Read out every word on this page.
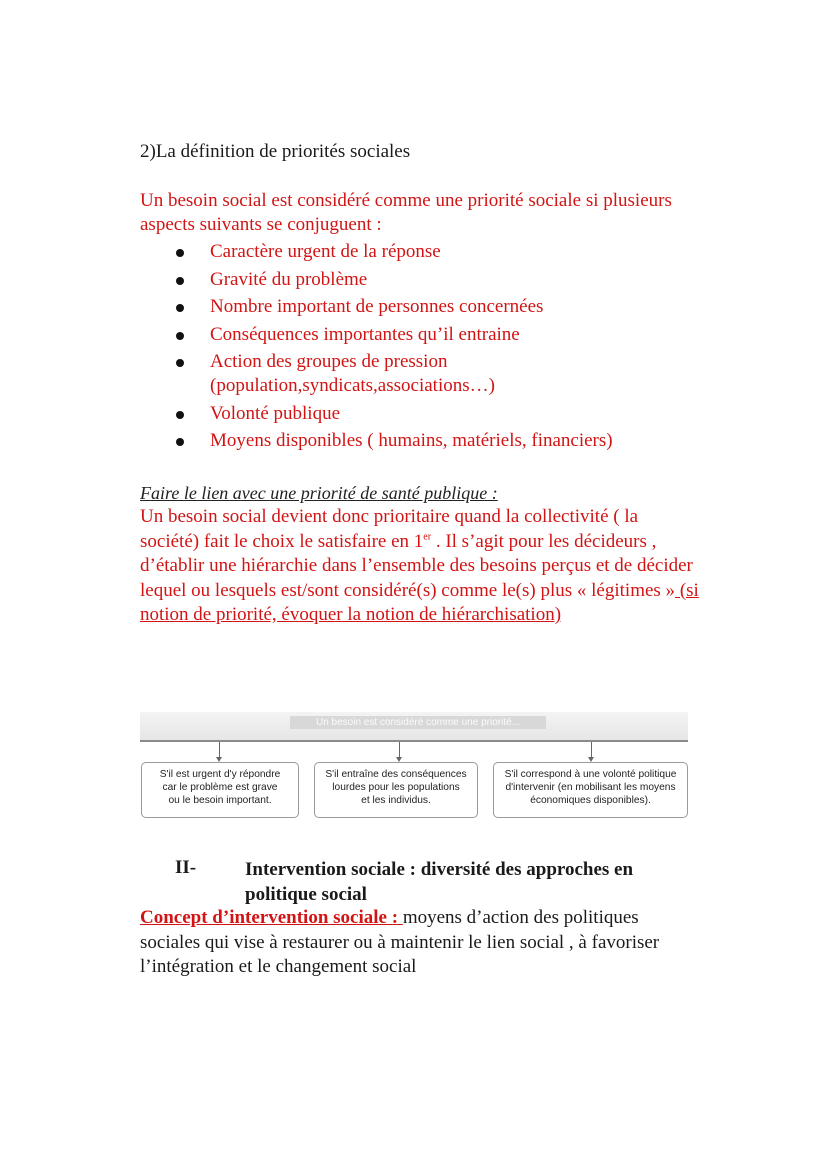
2)La définition de priorités sociales
Un besoin social est considéré comme une priorité sociale si plusieurs aspects suivants se conjuguent :
Caractère urgent de la réponse
Gravité du problème
Nombre important de personnes concernées
Conséquences importantes qu’il entraine
Action des groupes de pression (population,syndicats,associations…)
Volonté publique
Moyens disponibles ( humains, matériels, financiers)
Faire le lien avec une priorité de santé publique :
Un besoin social devient donc prioritaire quand la collectivité ( la société) fait le choix le satisfaire en 1er . Il s’agit pour les décideurs , d’établir une hiérarchie dans l’ensemble des besoins perçus et de décider lequel ou lesquels est/sont considéré(s) comme le(s) plus « légitimes » (si notion de priorité, évoquer la notion de hiérarchisation)
Un besoin est considéré comme une priorité...
S'il est urgent d'y répondre
car le problème est grave
ou le besoin important.
S'il entraîne des conséquences
lourdes pour les populations
et les individus.
S'il correspond à une volonté politique
d'intervenir (en mobilisant les moyens
économiques disponibles).
II-	Intervention sociale : diversité des approches en politique social
Concept d’intervention sociale : moyens d’action des politiques sociales qui vise à restaurer ou à maintenir le lien social , à favoriser l’intégration et le changement social
